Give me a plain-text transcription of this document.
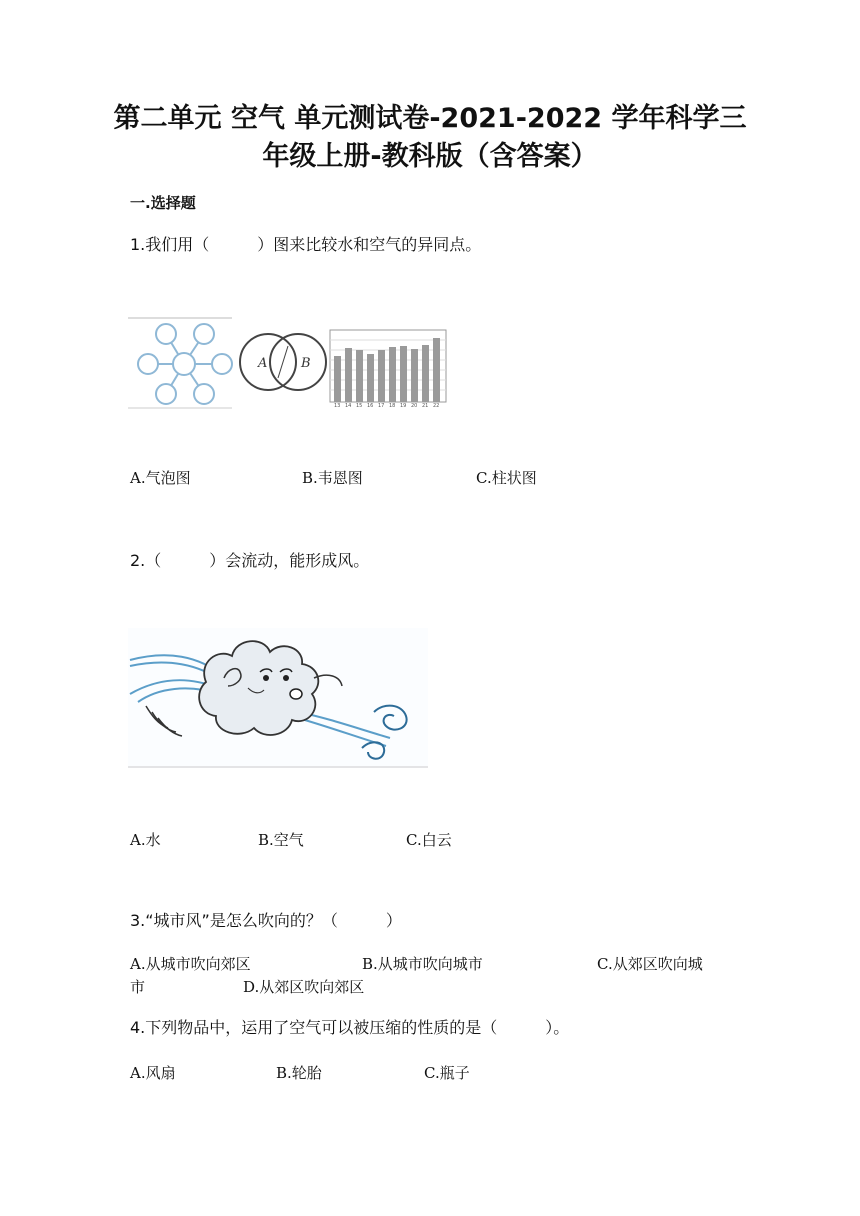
第二单元 空气 单元测试卷-2021-2022 学年科学三
年级上册-教科版（含答案）
一.选择题
1.我们用（　　　）图来比较水和空气的异同点。
A	B
13 14 15 16 17 18 19 20 21 22
A.气泡图	B.韦恩图	C.柱状图
2.（　　　）会流动，能形成风。
A.水	B.空气	C.白云
3.“城市风”是怎么吹向的？（　　　）
A.从城市吹向郊区	B.从城市吹向城市	C.从郊区吹向城
市	D.从郊区吹向郊区
4.下列物品中，运用了空气可以被压缩的性质的是（　　　）。
A.风扇	B.轮胎	C.瓶子
